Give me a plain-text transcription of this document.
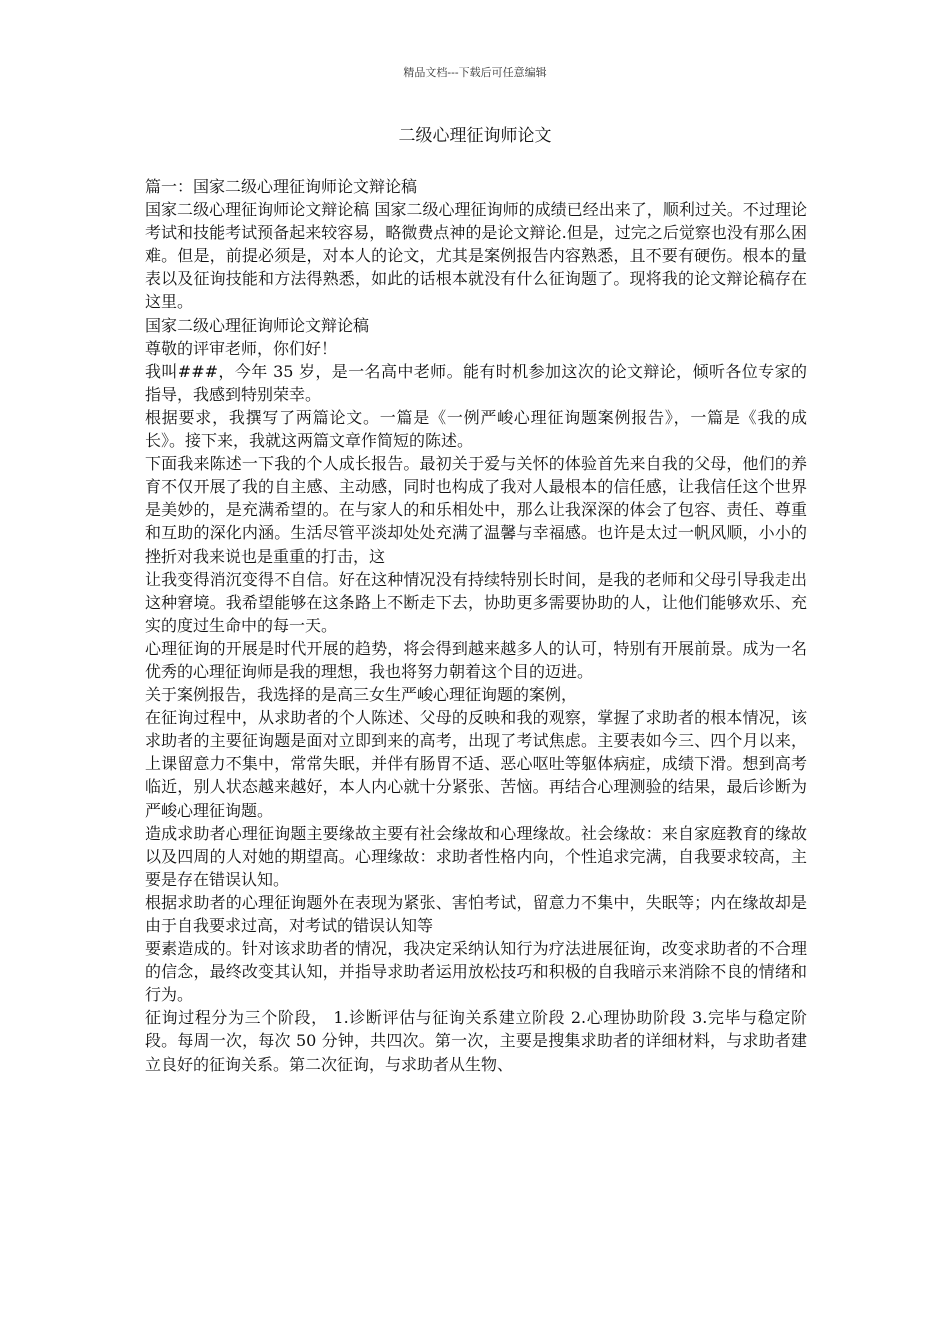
精品文档---下载后可任意编辑
二级心理征询师论文

篇一：国家二级心理征询师论文辩论稿

国家二级心理征询师论文辩论稿 国家二级心理征询师的成绩已经出来了，顺利过关。不过理论考试和技能考试预备起来较容易，略微费点神的是论文辩论.但是，过完之后觉察也没有那么困难。但是，前提必须是，对本人的论文，尤其是案例报告内容熟悉，且不要有硬伤。根本的量表以及征询技能和方法得熟悉，如此的话根本就没有什么征询题了。现将我的论文辩论稿存在这里。

国家二级心理征询师论文辩论稿

尊敬的评审老师，你们好！

我叫###，今年 35 岁，是一名高中老师。能有时机参加这次的论文辩论，倾听各位专家的指导，我感到特别荣幸。

根据要求，我撰写了两篇论文。一篇是《一例严峻心理征询题案例报告》，一篇是《我的成长》。接下来，我就这两篇文章作简短的陈述。

下面我来陈述一下我的个人成长报告。最初关于爱与关怀的体验首先来自我的父母，他们的养育不仅开展了我的自主感、主动感，同时也构成了我对人最根本的信任感，让我信任这个世界是美妙的，是充满希望的。在与家人的和乐相处中，那么让我深深的体会了包容、责任、尊重和互助的深化内涵。生活尽管平淡却处处充满了温馨与幸福感。也许是太过一帆风顺，小小的挫折对我来说也是重重的打击，这

让我变得消沉变得不自信。好在这种情况没有持续特别长时间，是我的老师和父母引导我走出这种窘境。我希望能够在这条路上不断走下去，协助更多需要协助的人，让他们能够欢乐、充实的度过生命中的每一天。

心理征询的开展是时代开展的趋势，将会得到越来越多人的认可，特别有开展前景。成为一名优秀的心理征询师是我的理想，我也将努力朝着这个目的迈进。

关于案例报告，我选择的是高三女生严峻心理征询题的案例，

在征询过程中，从求助者的个人陈述、父母的反映和我的观察，掌握了求助者的根本情况，该求助者的主要征询题是面对立即到来的高考，出现了考试焦虑。主要表如今三、四个月以来，上课留意力不集中，常常失眠，并伴有肠胃不适、恶心呕吐等躯体病症，成绩下滑。想到高考临近，别人状态越来越好，本人内心就十分紧张、苦恼。再结合心理测验的结果，最后诊断为严峻心理征询题。

造成求助者心理征询题主要缘故主要有社会缘故和心理缘故。社会缘故：来自家庭教育的缘故以及四周的人对她的期望高。心理缘故：求助者性格内向，个性追求完满，自我要求较高，主要是存在错误认知。

根据求助者的心理征询题外在表现为紧张、害怕考试，留意力不集中，失眠等；内在缘故却是由于自我要求过高，对考试的错误认知等

要素造成的。针对该求助者的情况，我决定采纳认知行为疗法进展征询，改变求助者的不合理的信念，最终改变其认知，并指导求助者运用放松技巧和积极的自我暗示来消除不良的情绪和行为。

征询过程分为三个阶段， 1.诊断评估与征询关系建立阶段 2.心理协助阶段 3.完毕与稳定阶段。每周一次，每次 50 分钟，共四次。第一次，主要是搜集求助者的详细材料，与求助者建立良好的征询关系。第二次征询，与求助者从生物、
